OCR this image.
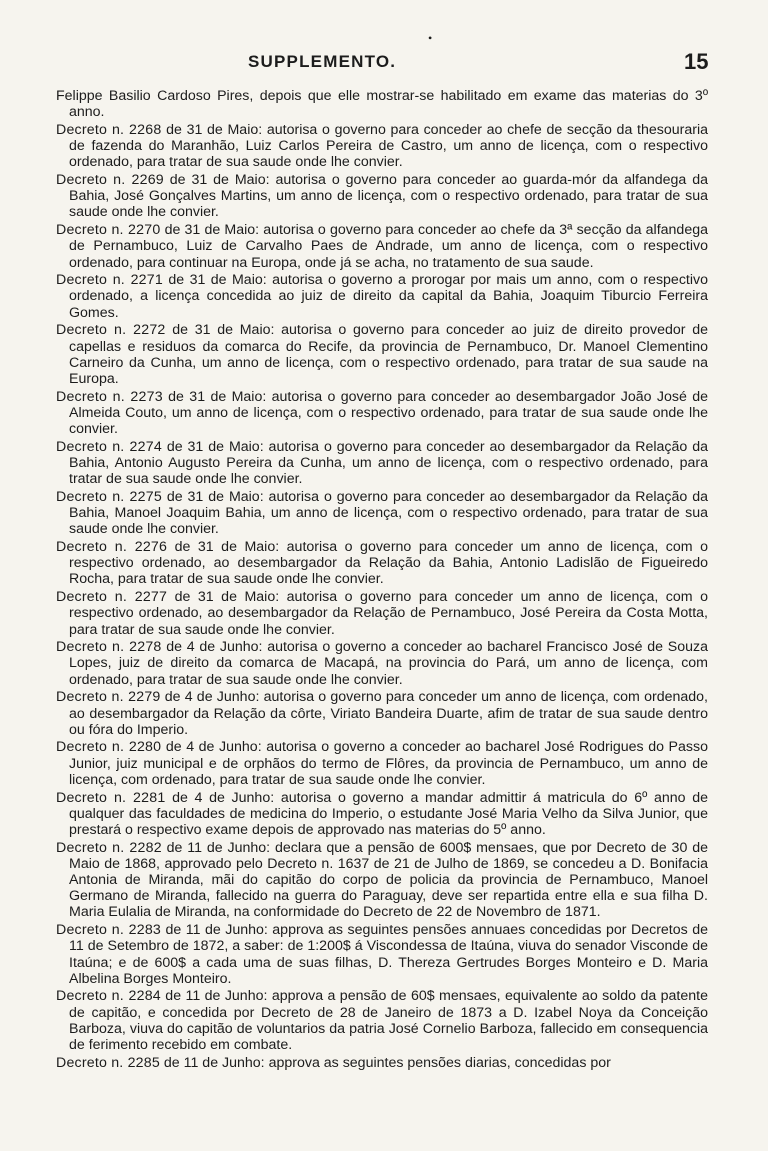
•
SUPPLEMENTO.	15

Felippe Basilio Cardoso Pires, depois que elle mostrar-se habilitado em exame das materias do 3º anno.

Decreto n. 2268 de 31 de Maio: autorisa o governo para conceder ao chefe de secção da thesouraria de fazenda do Maranhão, Luiz Carlos Pereira de Castro, um anno de licença, com o respectivo ordenado, para tratar de sua saude onde lhe convier.

Decreto n. 2269 de 31 de Maio: autorisa o governo para conceder ao guarda-mór da alfandega da Bahia, José Gonçalves Martins, um anno de licença, com o respectivo ordenado, para tratar de sua saude onde lhe convier.

Decreto n. 2270 de 31 de Maio: autorisa o governo para conceder ao chefe da 3ª secção da alfandega de Pernambuco, Luiz de Carvalho Paes de Andrade, um anno de licença, com o respectivo ordenado, para continuar na Europa, onde já se acha, no tratamento de sua saude.

Decreto n. 2271 de 31 de Maio: autorisa o governo a prorogar por mais um anno, com o respectivo ordenado, a licença concedida ao juiz de direito da capital da Bahia, Joaquim Tiburcio Ferreira Gomes.

Decreto n. 2272 de 31 de Maio: autorisa o governo para conceder ao juiz de direito provedor de capellas e residuos da comarca do Recife, da provincia de Pernambuco, Dr. Manoel Clementino Carneiro da Cunha, um anno de licença, com o respectivo ordenado, para tratar de sua saude na Europa.

Decreto n. 2273 de 31 de Maio: autorisa o governo para conceder ao desembargador João José de Almeida Couto, um anno de licença, com o respectivo ordenado, para tratar de sua saude onde lhe convier.

Decreto n. 2274 de 31 de Maio: autorisa o governo para conceder ao desembargador da Relação da Bahia, Antonio Augusto Pereira da Cunha, um anno de licença, com o respectivo ordenado, para tratar de sua saude onde lhe convier.

Decreto n. 2275 de 31 de Maio: autorisa o governo para conceder ao desembargador da Relação da Bahia, Manoel Joaquim Bahia, um anno de licença, com o respectivo ordenado, para tratar de sua saude onde lhe convier.

Decreto n. 2276 de 31 de Maio: autorisa o governo para conceder um anno de licença, com o respectivo ordenado, ao desembargador da Relação da Bahia, Antonio Ladislão de Figueiredo Rocha, para tratar de sua saude onde lhe convier.

Decreto n. 2277 de 31 de Maio: autorisa o governo para conceder um anno de licença, com o respectivo ordenado, ao desembargador da Relação de Pernambuco, José Pereira da Costa Motta, para tratar de sua saude onde lhe convier.

Decreto n. 2278 de 4 de Junho: autorisa o governo a conceder ao bacharel Francisco José de Souza Lopes, juiz de direito da comarca de Macapá, na provincia do Pará, um anno de licença, com ordenado, para tratar de sua saude onde lhe convier.

Decreto n. 2279 de 4 de Junho: autorisa o governo para conceder um anno de licença, com ordenado, ao desembargador da Relação da côrte, Viriato Bandeira Duarte, afim de tratar de sua saude dentro ou fóra do Imperio.

Decreto n. 2280 de 4 de Junho: autorisa o governo a conceder ao bacharel José Rodrigues do Passo Junior, juiz municipal e de orphãos do termo de Flôres, da provincia de Pernambuco, um anno de licença, com ordenado, para tratar de sua saude onde lhe convier.

Decreto n. 2281 de 4 de Junho: autorisa o governo a mandar admittir á matricula do 6º anno de qualquer das faculdades de medicina do Imperio, o estudante José Maria Velho da Silva Junior, que prestará o respectivo exame depois de approvado nas materias do 5º anno.

Decreto n. 2282 de 11 de Junho: declara que a pensão de 600$ mensaes, que por Decreto de 30 de Maio de 1868, approvado pelo Decreto n. 1637 de 21 de Julho de 1869, se concedeu a D. Bonifacia Antonia de Miranda, mãi do capitão do corpo de policia da provincia de Pernambuco, Manoel Germano de Miranda, fallecido na guerra do Paraguay, deve ser repartida entre ella e sua filha D. Maria Eulalia de Miranda, na conformidade do Decreto de 22 de Novembro de 1871.

Decreto n. 2283 de 11 de Junho: approva as seguintes pensões annuaes concedidas por Decretos de 11 de Setembro de 1872, a saber: de 1:200$ á Viscondessa de Itaúna, viuva do senador Visconde de Itaúna; e de 600$ a cada uma de suas filhas, D. Thereza Gertrudes Borges Monteiro e D. Maria Albelina Borges Monteiro.

Decreto n. 2284 de 11 de Junho: approva a pensão de 60$ mensaes, equivalente ao soldo da patente de capitão, e concedida por Decreto de 28 de Janeiro de 1873 a D. Izabel Noya da Conceição Barboza, viuva do capitão de voluntarios da patria José Cornelio Barboza, fallecido em consequencia de ferimento recebido em combate.

Decreto n. 2285 de 11 de Junho: approva as seguintes pensões diarias, concedidas por
